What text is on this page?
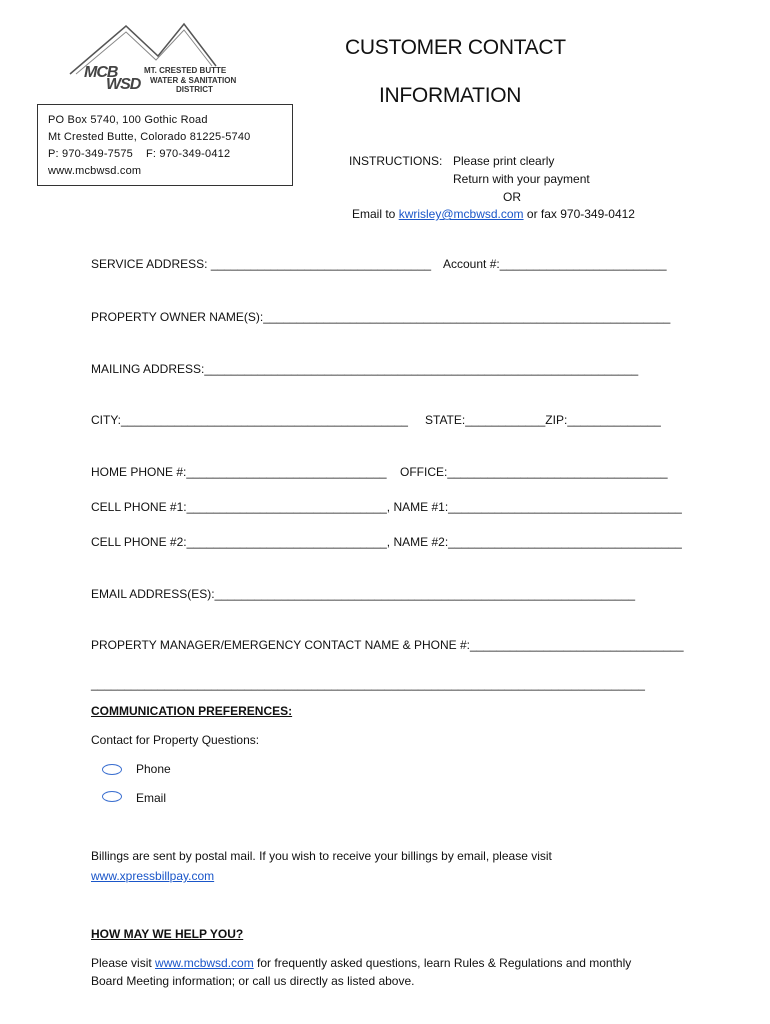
MCB
WSD
MT. CRESTED BUTTE
WATER & SANITATION
DISTRICT
PO Box 5740, 100 Gothic Road
Mt Crested Butte, Colorado 81225-5740
P: 970-349-7575    F: 970-349-0412
www.mcbwsd.com
CUSTOMER CONTACT
INFORMATION
INSTRUCTIONS: Please print clearly
Return with your payment
OR
Email to kwrisley@mcbwsd.com or fax 970-349-0412
SERVICE ADDRESS: _________________________________ Account #:_________________________
PROPERTY OWNER NAME(S):_____________________________________________________________
MAILING ADDRESS:_________________________________________________________________
CITY:___________________________________________ STATE:____________ZIP:______________
HOME PHONE #:______________________________ OFFICE:_________________________________
CELL PHONE #1:______________________________, NAME #1:___________________________________
CELL PHONE #2:______________________________, NAME #2:___________________________________
EMAIL ADDRESS(ES):_______________________________________________________________
PROPERTY MANAGER/EMERGENCY CONTACT NAME & PHONE #:________________________________
___________________________________________________________________________________
COMMUNICATION PREFERENCES:
Contact for Property Questions:
Phone
Email
Billings are sent by postal mail. If you wish to receive your billings by email, please visit
www.xpressbillpay.com
HOW MAY WE HELP YOU?
Please visit www.mcbwsd.com for frequently asked questions, learn Rules & Regulations and monthly
Board Meeting information; or call us directly as listed above.
